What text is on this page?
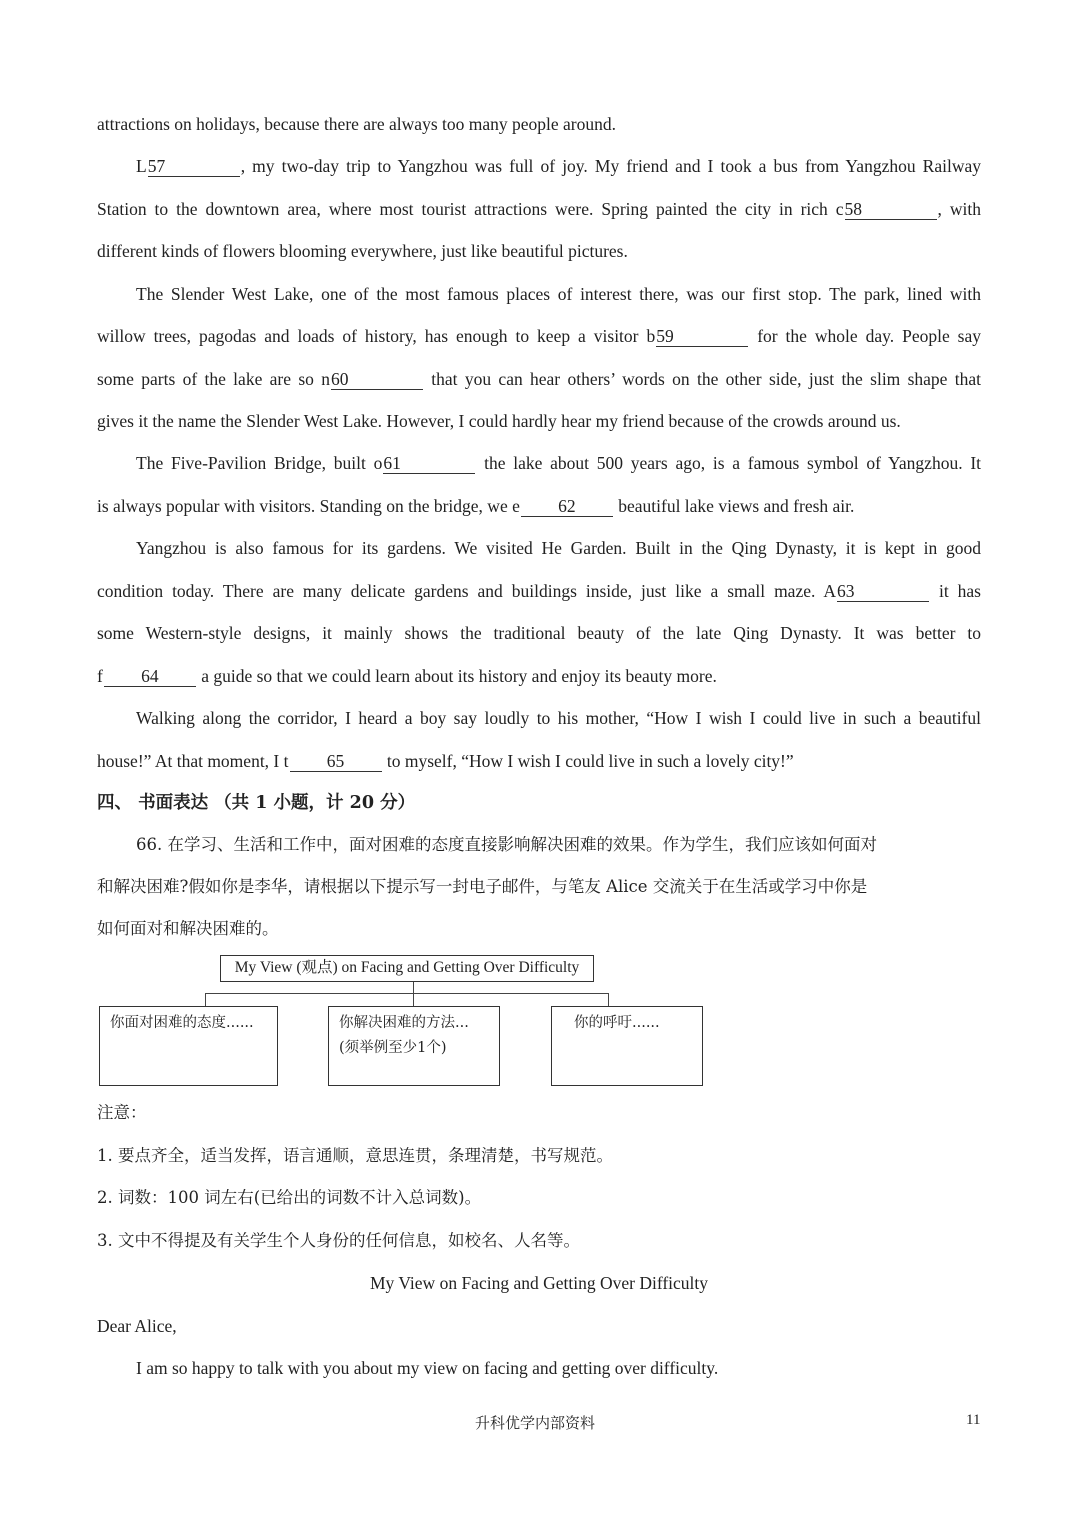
attractions on holidays, because there are always too many people around.
L57	, my two-day trip to Yangzhou was full of joy. My friend and I took a bus from Yangzhou Railway
Station to the downtown area, where most tourist attractions were. Spring painted the city in rich c58	, with
different kinds of flowers blooming everywhere, just like beautiful pictures.
The Slender West Lake, one of the most famous places of interest there, was our first stop. The park, lined with
willow trees, pagodas and loads of history, has enough to keep a visitor b59	for the whole day. People say
some parts of the lake are so n60	that you can hear others’ words on the other side, just the slim shape that
gives it the name the Slender West Lake. However, I could hardly hear my friend because of the crowds around us.
The Five-Pavilion Bridge, built o61	the lake about 500 years ago, is a famous symbol of Yangzhou. It
is always popular with visitors. Standing on the bridge, we e 62 beautiful lake views and fresh air.
Yangzhou is also famous for its gardens. We visited He Garden. Built in the Qing Dynasty, it is kept in good
condition today. There are many delicate gardens and buildings inside, just like a small maze. A63	it has
some Western-style designs, it mainly shows the traditional beauty of the late Qing Dynasty. It was better to
f 64 a guide so that we could learn about its history and enjoy its beauty more.
Walking along the corridor, I heard a boy say loudly to his mother, “How I wish I could live in such a beautiful
house!” At that moment, I t 65 to myself, “How I wish I could live in such a lovely city!”
四、 书面表达 （共 1 小题，计 20 分）
66. 在学习、生活和工作中，面对困难的态度直接影响解决困难的效果。作为学生，我们应该如何面对
和解决困难?假如你是李华，请根据以下提示写一封电子邮件，与笔友 Alice 交流关于在生活或学习中你是
如何面对和解决困难的。
My View (观点) on Facing and Getting Over Difficulty
你面对困难的态度......	你解决困难的方法...
(须举例至少1个)
你的呼吁......
注意：
1. 要点齐全，适当发挥，语言通顺，意思连贯，条理清楚，书写规范。
2. 词数：100 词左右(已给出的词数不计入总词数)。
3. 文中不得提及有关学生个人身份的任何信息，如校名、人名等。
My View on Facing and Getting Over Difficulty
Dear Alice,
I am so happy to talk with you about my view on facing and getting over difficulty.
升科优学内部资料	11
